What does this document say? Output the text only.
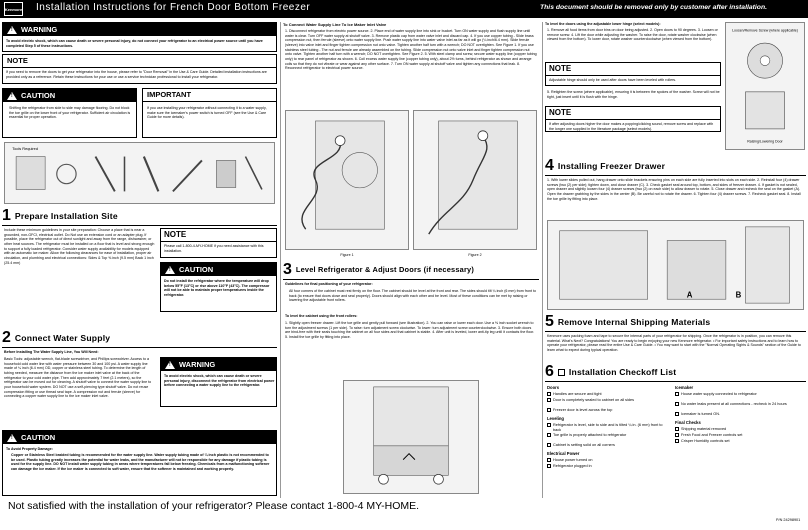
Kenmore Installation Instructions for French Door Bottom Freezer	This document should be removed only by customer after installation.
!
WARNING
To avoid electric shock, which can cause death or severe personal injury, do not connect your refrigerator to an electrical power source until you have completed Step 5 of these instructions.
NOTE
If you need to remove the doors to get your refrigerator into the house, please refer to "Door Removal" in the Use & Care Guide. Detailed installation instructions are provided only as a reference. Retain these instructions for your use or use a service technician professional to install your refrigerator.
!
CAUTION
Shifting the refrigerator from side to side may damage flooring. Do not block the toe grille on the lower front of your refrigerator. Sufficient air circulation is essential for proper operation.
IMPORTANT
If you use installing your refrigerator without connecting it to a water supply, make sure the icemaker's power switch is turned OFF (see the Use & Care Guide for more details).
Tools Required
1 Prepare Installation Site
Include these minimum guidelines in your site preparation: Choose a place that is near a grounded, non-GFCI, electrical outlet. Do Not use an extension cord or an adapter plug. If possible, place the refrigerator out of direct sunlight and away from the range, dishwasher, or other heat sources. The refrigerator must be installed on a floor that is level and strong enough to support a fully loaded refrigerator. Consider water supply availability for models equipped with an automatic ice maker. Allow the following clearances for ease of installation, proper air circulation, and plumbing and electrical connections: Sides & Top ⅜ inch (9.5 mm) Back 1 inch (25.4 mm)
NOTE
Please call 1-800-4-MY-HOME if you need assistance with this installation.
!
CAUTION
Do not install the refrigerator where the temperature will drop below 55°F (13°C) or rise above 110°F (43°C). The compressor will not be able to maintain proper temperatures inside the refrigerator.
2 Connect Water Supply
Before Installing The Water Supply Line, You Will Need:
Basic Tools: adjustable wrench, flat-blade screwdriver, and Phillips screwdriver. Access to a household cold water line with water pressure between 30 and 100 psi. A water supply line made of ¼ inch (6.4 mm) OD, copper or stainless steel tubing. To determine the length of tubing needed, measure the distance from the ice maker inlet valve at the back of the refrigerator to your cold water pipe. Then add approximately 7 feet (2.1 meters), so the refrigerator can be moved out for cleaning. A shutoff valve to connect the water supply line to your household water system. DO NOT use a self-piercing type shutoff valve. Do not reuse compression fitting or use thread seal tape. A compression nut and ferrule (sleeve) for connecting a copper water supply line to the ice maker inlet valve.
!
WARNING
To avoid electric shock, which can cause death or severe personal injury, disconnect the refrigerator from electrical power before connecting a water supply line to the refrigerator.
!
CAUTION
To Avoid Property Damage:
Copper or Stainless Steel braided tubing is recommended for the water supply line. Water supply tubing made of ¼ inch plastic is not recommended to be used. Plastic tubing greatly increases the potential for water leaks, and the manufacturer will not be responsible for any damage if plastic tubing is used for the supply line. DO NOT install water supply tubing in areas where temperatures fall below freezing. Chemicals from a malfunctioning softener can damage the ice maker. If the ice maker is connected to soft water, ensure that the softener is maintained and working properly.
To Connect Water Supply Line To Ice Maker Inlet Valve
1. Disconnect refrigerator from electric power source. 2. Place end of water supply line into sink or bucket. Turn ON water supply and flush supply line until water is clear. Turn OFF water supply at shutoff valve. 3. Remove plastic cap from water valve inlet and discard cap. 4. If you use copper tubing - Slide brass compression nut, then ferrule (sleeve) onto water supply line. Push water supply line into water valve inlet as far as it will go (¼ inch/6.4 mm). Slide ferrule (sleeve) into valve inlet and finger tighten compression nut onto valve. Tighten another half turn with a wrench; DO NOT overtighten. See Figure 1. If you use stainless steel tubing - The nut and ferrule are already assembled on the tubing. Slide compression nut onto valve inlet and finger tighten compression nut onto valve. Tighten another half turn with a wrench; DO NOT overtighten. See Figure 2. 5. With steel clamp and screw, secure water supply line (copper tubing only) to rear panel of refrigerator as shown. 6. Coil excess water supply line (copper tubing only), about 2½ turns, behind refrigerator as shown and arrange coils so that they do not vibrate or wear against any other surface. 7. Turn ON water supply at shutoff valve and tighten any connections that leak. 8. Reconnect refrigerator to electrical power source.
Figure 1	Figure 2
3 Level Refrigerator & Adjust Doors (if necessary)
Guidelines for final positioning of your refrigerator:
All four corners of the cabinet must rest firmly on the floor. The cabinet should be level at the front and rear. The sides should tilt ¼ inch (6 mm) from front to back (to ensure that doors close and seal properly). Doors should align with each other and be level. Most of these conditions can be met by raising or lowering the adjustable front rollers.
To level the cabinet using the front rollers:
1. Slightly open freezer drawer. Lift the toe grille and gently pull forward (see illustration). 2. You can raise or lower each door. Use a ⅜ inch socket wrench to turn the adjustment screws (1 per side). To raise: turn adjustment screw clockwise. To lower: turn adjustment screw counterclockwise. 3. Ensure both doors are bind-free with their seals touching the cabinet on all four sides and that cabinet is stable. 4. After unit is leveled, lower anti-tip leg until it contacts the floor. 5. Install the toe grille by fitting into place.
To level the doors using the adjustable lower hinge (select models):
1. Remove all food items from door bins on door being adjusted. 2. Open doors to 90 degrees. 3. Loosen or remove screw. 4. Lift the door while adjusting the washer. To raise the door, rotate washer clockwise (when viewed from the bottom). To lower door, rotate washer counterclockwise (when viewed from the bottom).
NOTE
Adjustable hinge should only be used after doors have been leveled with rollers.
5. Retighten the screw (where applicable), ensuring it is between the spokes of the washer. Screw will not be tight, just insert until it is flush with the hinge.
NOTE
If after adjusting doors higher the door makes a popping/clicking sound, remove screw and replace with the longer one supplied in the literature package (select models).
Loosen/Remove Screw (where applicable)
Raising/Lowering Door
4 Installing Freezer Drawer
1. With lower slides pulled out, hang drawer onto slide brackets ensuring pins on each side are fully inserted into slots on each side. 2. Reinstall four (4) drawer screws (two (2) per side); tighten down, and close drawer (C). 3. Check gasket seal around top, bottom, and sides of freezer drawer. 4. If gasket is not sealed, open drawer and slightly loosen four (4) drawer screws (two (2) on each side) to allow drawer to rotate. 5. Close drawer and recheck the seal on the gasket (A). Open the drawer grabbing by the sides in the center (B). Be careful not to rotate the drawer. 6. Tighten four (4) drawer screws. 7. Recheck gasket seal. 8. Install the toe grille by fitting into place.
A	B
5 Remove Internal Shipping Materials
Kenmore uses packing foam and tape to secure the internal parts of your refrigerator for shipping. Once the refrigerator is in position, you can remove this material. What's Next? Congratulations! You are ready to begin enjoying your new Kenmore refrigerator. • For important safety instructions and to learn how to operate your refrigerator, please read the entire Use & Care Guide. • You may want to start with the "Normal Operating Sights & Sounds" section of the Guide to learn what to expect during typical operation.
6 Installation Checkoff List
Doors
Handles are secure and tight
Door is completely sealed to cabinet on all sides
Freezer door is level across the top
Leveling
Refrigerator is level, side to side and is tilted ¼ in. (6 mm) front to back
Toe grille is properly attached to refrigerator
Cabinet is setting solid on all corners
Electrical Power
House power turned on
Refrigerator plugged in
Icemaker
House water supply connected to refrigerator
No water leaks present at all connections - recheck in 24 hours
Icemaker is turned ON.
Final Checks
Shipping material removed
Fresh Food and Freezer controls set
Crisper Humidity controls set
Not satisfied with the installation of your refrigerator? Please contact 1-800-4 MY-HOME.
P/N 24298901
